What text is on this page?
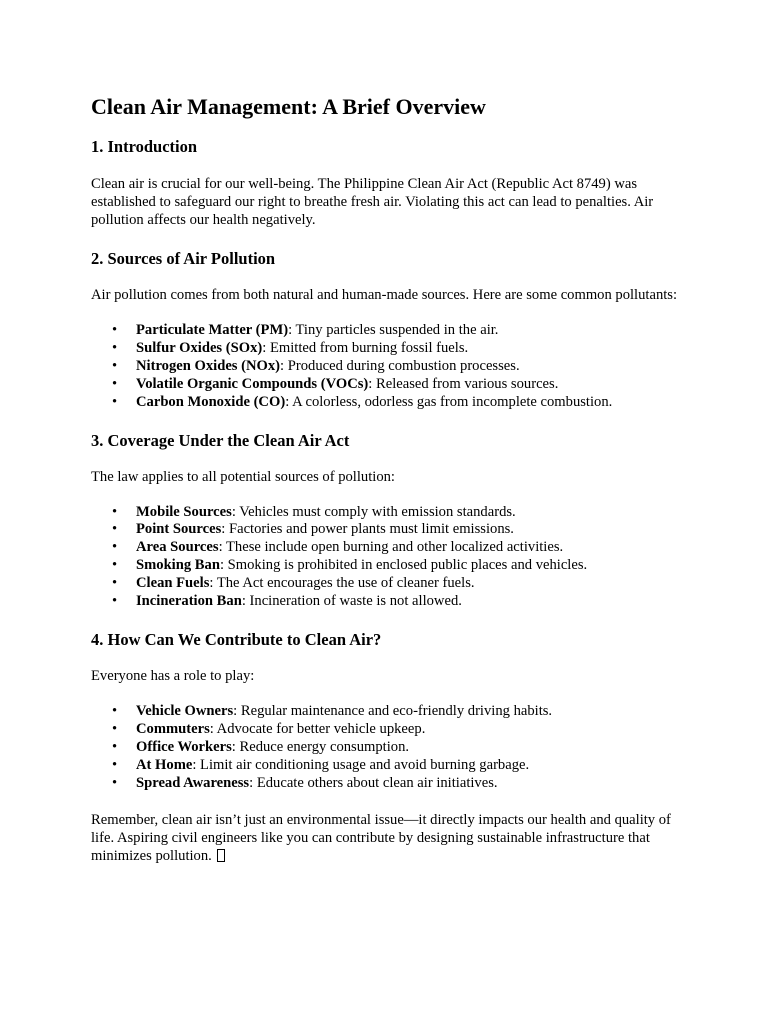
Clean Air Management: A Brief Overview
1. Introduction

Clean air is crucial for our well-being. The Philippine Clean Air Act (Republic Act 8749) was established to safeguard our right to breathe fresh air. Violating this act can lead to penalties. Air pollution affects our health negatively.

2. Sources of Air Pollution

Air pollution comes from both natural and human-made sources. Here are some common pollutants:

• Particulate Matter (PM): Tiny particles suspended in the air.
• Sulfur Oxides (SOx): Emitted from burning fossil fuels.
• Nitrogen Oxides (NOx): Produced during combustion processes.
• Volatile Organic Compounds (VOCs): Released from various sources.
• Carbon Monoxide (CO): A colorless, odorless gas from incomplete combustion.
3. Coverage Under the Clean Air Act

The law applies to all potential sources of pollution:

• Mobile Sources: Vehicles must comply with emission standards.
• Point Sources: Factories and power plants must limit emissions.
• Area Sources: These include open burning and other localized activities.
• Smoking Ban: Smoking is prohibited in enclosed public places and vehicles.
• Clean Fuels: The Act encourages the use of cleaner fuels.
• Incineration Ban: Incineration of waste is not allowed.
4. How Can We Contribute to Clean Air?

Everyone has a role to play:

• Vehicle Owners: Regular maintenance and eco-friendly driving habits.
• Commuters: Advocate for better vehicle upkeep.
• Office Workers: Reduce energy consumption.
• At Home: Limit air conditioning usage and avoid burning garbage.
• Spread Awareness: Educate others about clean air initiatives.

Remember, clean air isn’t just an environmental issue—it directly impacts our health and quality of life. Aspiring civil engineers like you can contribute by designing sustainable infrastructure that minimizes pollution.
